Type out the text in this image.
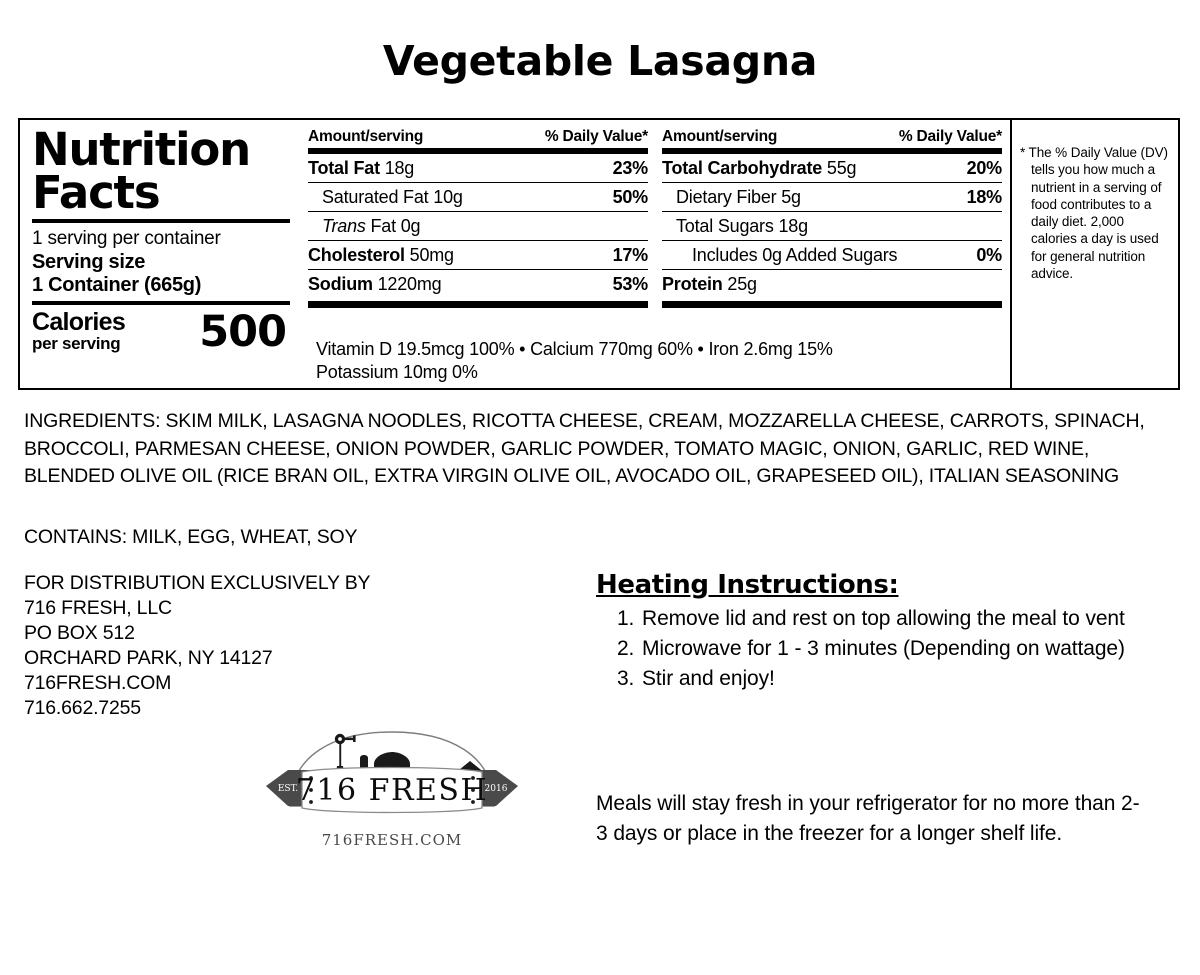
Vegetable Lasagna
Nutrition
Facts
1 serving per container
Serving size
1 Container (665g)
Calories
per serving 500
Amount/serving	% Daily Value*
Total Fat 18g	23%
Saturated Fat 10g	50%
Trans Fat 0g
Cholesterol 50mg	17%
Sodium 1220mg	53%
Amount/serving	% Daily Value*
Total Carbohydrate 55g	20%
Dietary Fiber 5g	18%
Total Sugars 18g
Includes 0g Added Sugars	0%
Protein 25g

* The % Daily Value (DV) tells you how much a nutrient in a serving of food contributes to a daily diet. 2,000 calories a day is used for general nutrition advice.

Vitamin D 19.5mcg 100% • Calcium 770mg 60% • Iron 2.6mg 15%
Potassium 10mg 0%
INGREDIENTS: SKIM MILK, LASAGNA NOODLES, RICOTTA CHEESE, CREAM, MOZZARELLA CHEESE, CARROTS, SPINACH, BROCCOLI, PARMESAN CHEESE, ONION POWDER, GARLIC POWDER, TOMATO MAGIC, ONION, GARLIC, RED WINE, BLENDED OLIVE OIL (RICE BRAN OIL, EXTRA VIRGIN OLIVE OIL, AVOCADO OIL, GRAPESEED OIL), ITALIAN SEASONING
CONTAINS: MILK, EGG, WHEAT, SOY
FOR DISTRIBUTION EXCLUSIVELY BY
716 FRESH, LLC
PO BOX 512
ORCHARD PARK, NY 14127
716FRESH.COM
716.662.7255
EST.	2016
716 FRESH
716FRESH.COM
Heating Instructions:
1. Remove lid and rest on top allowing the meal to vent
2. Microwave for 1 - 3 minutes (Depending on wattage)
3. Stir and enjoy!
Meals will stay fresh in your refrigerator for no more than 2-3 days or place in the freezer for a longer shelf life.
